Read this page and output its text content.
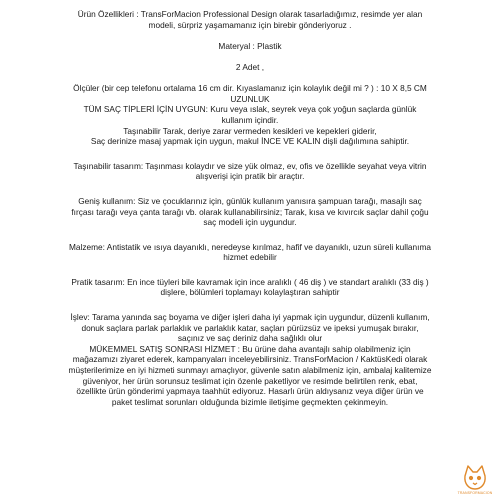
Ürün Özellikleri : TransForMacion Professional Design olarak tasarladığımız, resimde yer alan modeli, sürpriz yaşamamanız için birebir gönderiyoruz .

Materyal : Plastik

2 Adet ,

Ölçüler (bir cep telefonu ortalama 16 cm dir. Kıyaslamanız için kolaylık değil mi ? ) : 10 X 8,5 CM UZUNLUK

TÜM SAÇ TİPLERİ İÇİN UYGUN: Kuru veya ıslak, seyrek veya çok yoğun saçlarda günlük kullanım içindir.

Taşınabilir Tarak, deriye zarar vermeden kesikleri ve kepekleri giderir,

Saç derinize masaj yapmak için uygun, makul İNCE VE KALIN dişli dağılımına sahiptir.

Taşınabilir tasarım: Taşınması kolaydır ve size yük olmaz, ev, ofis ve özellikle seyahat veya vitrin alışverişi için pratik bir araçtır.

Geniş kullanım: Siz ve çocuklarınız için, günlük kullanım yanısıra şampuan tarağı, masajlı saç fırçası tarağı veya çanta tarağı vb. olarak kullanabilirsiniz; Tarak, kısa ve kıvırcık saçlar dahil çoğu saç modeli için uygundur.

Malzeme: Antistatik ve ısıya dayanıklı, neredeyse kırılmaz, hafif ve dayanıklı, uzun süreli kullanıma hizmet edebilir

Pratik tasarım: En ince tüyleri bile kavramak için ince aralıklı ( 46 diş ) ve standart aralıklı (33 diş ) dişlere, bölümleri toplamayı kolaylaştıran sahiptir

İşlev: Tarama yanında saç boyama ve diğer işleri daha iyi yapmak için uygundur, düzenli kullanım, donuk saçlara parlak parlaklık ve parlaklık katar, saçları pürüzsüz ve ipeksi yumuşak bırakır, saçınız ve saç deriniz daha sağlıklı olur

MÜKEMMEL SATIŞ SONRASI HİZMET : Bu ürüne daha avantajlı sahip olabilmeniz için mağazamızı ziyaret ederek, kampanyaları inceleyebilirsiniz. TransForMacion / KaktüsKedi olarak müşterilerimize en iyi hizmeti sunmayı amaçlıyor, güvenle satın alabilmeniz için, ambalaj kalitemize güveniyor, her ürün sorunsuz teslimat için özenle paketliyor ve resimde belirtilen renk, ebat, özellikte ürün gönderimi yapmaya taahhüt ediyoruz. Hasarlı ürün aldıysanız veya diğer ürün ve paket teslimat sorunları olduğunda bizimle iletişime geçmekten çekinmeyin.

TRANSFORMACION
